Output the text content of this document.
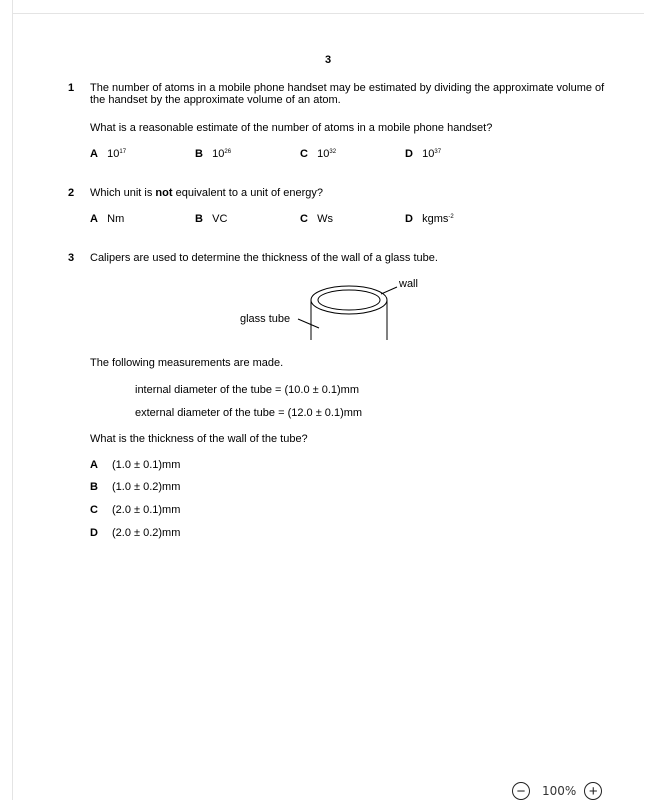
3
1 The number of atoms in a mobile phone handset may be estimated by dividing the approximate volume of the handset by the approximate volume of an atom.
What is a reasonable estimate of the number of atoms in a mobile phone handset?
A $10^{17}$	B $10^{26}$	C $10^{32}$	D $10^{37}$
2 Which unit is not equivalent to a unit of energy?
A Nm	B VC	C Ws	D kgms$^{-2}$
3 Calipers are used to determine the thickness of the wall of a glass tube.
wall
glass tube
The following measurements are made.
internal diameter of the tube = (10.0 ± 0.1)mm
external diameter of the tube = (12.0 ± 0.1)mm
What is the thickness of the wall of the tube?
A (1.0 ± 0.1)mm
B (1.0 ± 0.2)mm
C (2.0 ± 0.1)mm
D (2.0 ± 0.2)mm
− 100% +
